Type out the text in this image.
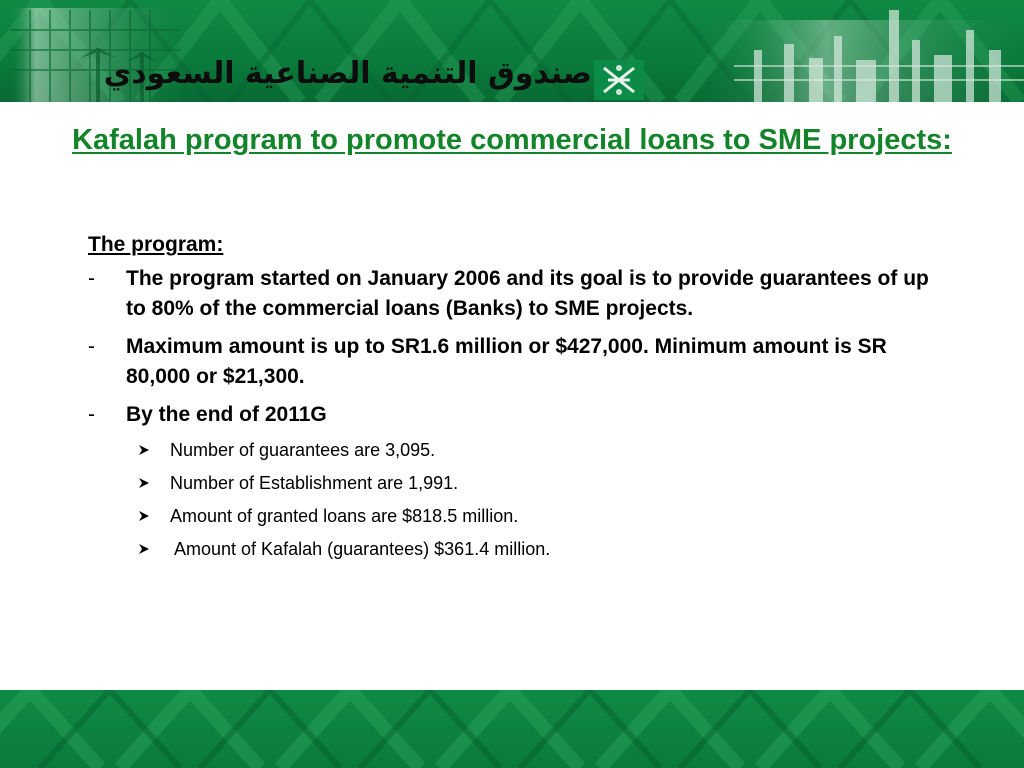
صندوق التنمية الصناعية السعودي
Kafalah program to promote commercial loans to SME projects:
The program:
- The program started on January 2006 and its goal is to provide guarantees of up to 80% of the commercial loans (Banks) to SME projects.
- Maximum amount is up to SR1.6 million or $427,000. Minimum amount is SR 80,000 or $21,300.
- By the end of 2011G
Number of guarantees are 3,095.
Number of Establishment are 1,991.
Amount of granted loans are $818.5 million.
Amount of Kafalah (guarantees) $361.4 million.
